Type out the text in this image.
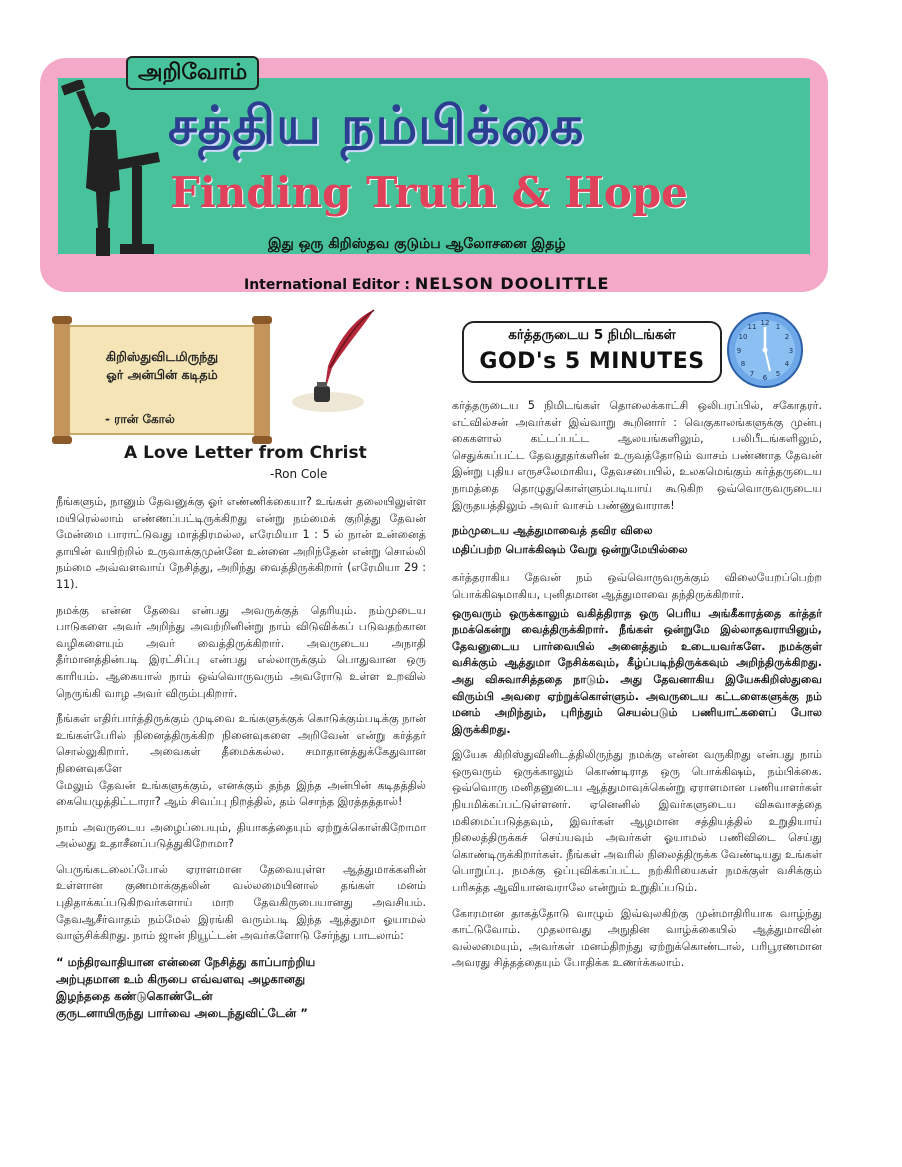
அறிவோம்
சத்திய நம்பிக்கை
Finding Truth & Hope
இது ஒரு கிறிஸ்தவ குடும்ப ஆலோசனை இதழ்
International Editor : NELSON DOOLITTLE
கிறிஸ்துவிடமிருந்து
ஓர் அன்பின் கடிதம்
- ரான் கோல்
A Love Letter from Christ
-Ron Cole

நீங்களும், நானும் தேவனுக்கு ஓர் எண்ணிக்கையா? உங்கள் தலையிலுள்ள மயிரெல்லாம் எண்ணப்பட்டிருக்கிறது என்று நம்மைக் குறித்து தேவன் மேன்மை பாராட்டுவது மாத்திரமல்ல, எரேமியா 1 : 5 ல் நான் உன்னைத் தாயின் வயிற்றில் உருவாக்குமுன்னே உன்னை அறிந்தேன் என்று சொல்லி நம்மை அவ்வளவாய் நேசித்து, அறிந்து வைத்திருக்கிறார் (எரேமியா 29 : 11).

நமக்கு என்ன தேவை என்பது அவருக்குத் தெரியும். நம்முடைய பாடுகளை அவர் அறிந்து அவற்றினின்று நாம் விடுவிக்கப் படுவதற்கான வழிகளையும் அவர் வைத்திருக்கிறார். அவருடைய அநாதி தீர்மானத்தின்படி இரட்சிப்பு என்பது எல்லாருக்கும் பொதுவான ஒரு காரியம். ஆகையால் நாம் ஒவ்வொருவரும் அவரோடு உள்ள உறவில் நெருங்கி வாழ அவர் விரும்புகிறார்.

நீங்கள் எதிர்பார்த்திருக்கும் முடிவை உங்களுக்குக் கொடுக்கும்படிக்கு நான் உங்கள்பேரில் நினைத்திருக்கிற நினைவுகளை அறிவேன் என்று கர்த்தர் சொல்லுகிறார். அவைகள் தீமைக்கல்ல. சமாதானத்துக்கேதுவான நினைவுகளே

மேலும் தேவன் உங்களுக்கும், எனக்கும் தந்த இந்த அன்பின் கடிதத்தில் கையெழுத்திட்டாரா? ஆம் சிவப்பு நிறத்தில், தம் சொந்த இரத்தத்தால்!

நாம் அவருடைய அழைப்பையும், தியாகத்தையும் ஏற்றுக்கொள்கிறோமா அல்லது உதாசீனப்படுத்துகிறோமா?

பெருங்கடலைப்போல் ஏராளமான தேவையுள்ள ஆத்துமாக்களின் உள்ளான குணமாக்குதலின் வல்லமையினால் தங்கள் மனம் புதிதாக்கப்படுகிறவர்களாய் மாற தேவகிருபையானது அவசியம். தேவஆசீர்வாதம் நம்மேல் இரங்கி வரும்படி இந்த ஆத்துமா ஓயாமல் வாஞ்சிக்கிறது. நாம் ஜான் நியூட்டன் அவர்களோடு சேர்ந்து பாடலாம்:

“ மந்திரவாதியான என்னை நேசித்து காப்பாற்றிய
அற்புதமான உம் கிருபை எவ்வளவு அழகானது
இழந்ததை கண்டுகொண்டேன்
குருடனாயிருந்து பார்வை அடைந்துவிட்டேன் ”
கர்த்தருடைய 5 நிமிடங்கள்
GOD's 5 MINUTES
12 1
2
3
4
5
6
7
8
9
10
11

கர்த்தருடைய 5 நிமிடங்கள் தொலைக்காட்சி ஒலிபரப்பில், சகோதரர். எட்வில்சன் அவர்கள் இவ்வாறு கூறினார் : வெகுகாலங்களுக்கு முன்பு கைகளால் கட்டப்பட்ட ஆலயங்களிலும், பலிபீடங்களிலும், செதுக்கப்பட்ட தேவதூதர்களின் உருவத்தோடும் வாசம் பண்ணாத தேவன் இன்று புதிய எருசலேமாகிய, தேவசபையில், உலகமெங்கும் கர்த்தருடைய நாமத்தை தொழுதுகொள்ளும்படியாய் கூடுகிற ஒவ்வொருவருடைய இருதயத்திலும் அவர் வாசம் பண்ணுவாராக!

நம்முடைய ஆத்துமாவைத் தவிர விலை

மதிப்பற்ற பொக்கிஷம் வேறு ஒன்றுமேயில்லை

கர்த்தராகிய தேவன் நம் ஒவ்வொருவருக்கும் விலையேறப்பெற்ற பொக்கிஷமாகிய, புனிதமான ஆத்துமாவை தந்திருக்கிறார்.

ஒருவரும் ஒருக்காலும் வகித்திராத ஒரு பெரிய அங்கீகாரத்தை கர்த்தர் நமக்கென்று வைத்திருக்கிறார். நீங்கள் ஒன்றுமே இல்லாதவராயினும், தேவனுடைய பார்வையில் அனைத்தும் உடையவர்களே. நமக்குள் வசிக்கும் ஆத்துமா நேசிக்கவும், கீழ்ப்படிந்திருக்கவும் அறிந்திருக்கிறது. அது விசுவாசித்ததை நாடும். அது தேவனாகிய இயேசுகிறிஸ்துவை விரும்பி அவரை ஏற்றுக்கொள்ளும். அவருடைய கட்டளைகளுக்கு நம் மனம் அறிந்தும், புரிந்தும் செயல்படும் பணியாட்களைப் போல இருக்கிறது.

இயேசு கிறிஸ்துவினிடத்திலிருந்து நமக்கு என்ன வருகிறது என்பது நாம் ஒருவரும் ஒருக்காலும் கொண்டிராத ஒரு பொக்கிஷம், நம்பிக்கை. ஒவ்வொரு மனிதனுடைய ஆத்துமாவுக்கென்று ஏராளமான பணியாளர்கள் நியமிக்கப்பட்டுள்ளனர். ஏனெனில் இவர்களுடைய விசுவாசத்தை மகிமைப்படுத்தவும், இவர்கள் ஆழமான சத்தியத்தில் உறுதியாய் நிலைத்திருக்கச் செய்யவும் அவர்கள் ஓயாமல் பணிவிடை செய்து கொண்டிருக்கிறார்கள். நீங்கள் அவரில் நிலைத்திருக்க வேண்டியது உங்கள் பொறுப்பு. நமக்கு ஒப்புவிக்கப்பட்ட நற்கிரியைகள் நமக்குள் வசிக்கும் பரிசுத்த ஆவியானவராலே என்றும் உறுதிப்படும்.

கோரமான தாகத்தோடு வாழும் இவ்வுலகிற்கு முன்மாதிரியாக வாழ்ந்து காட்டுவோம். முதலாவது அநுதின வாழ்க்கையில் ஆத்துமாவின் வல்லமையும், அவர்கள் மனம்திறந்து ஏற்றுக்கொண்டால், பரிபூரணமான அவரது சித்தத்தையும் போதிக்க உணர்க்கலாம்.
